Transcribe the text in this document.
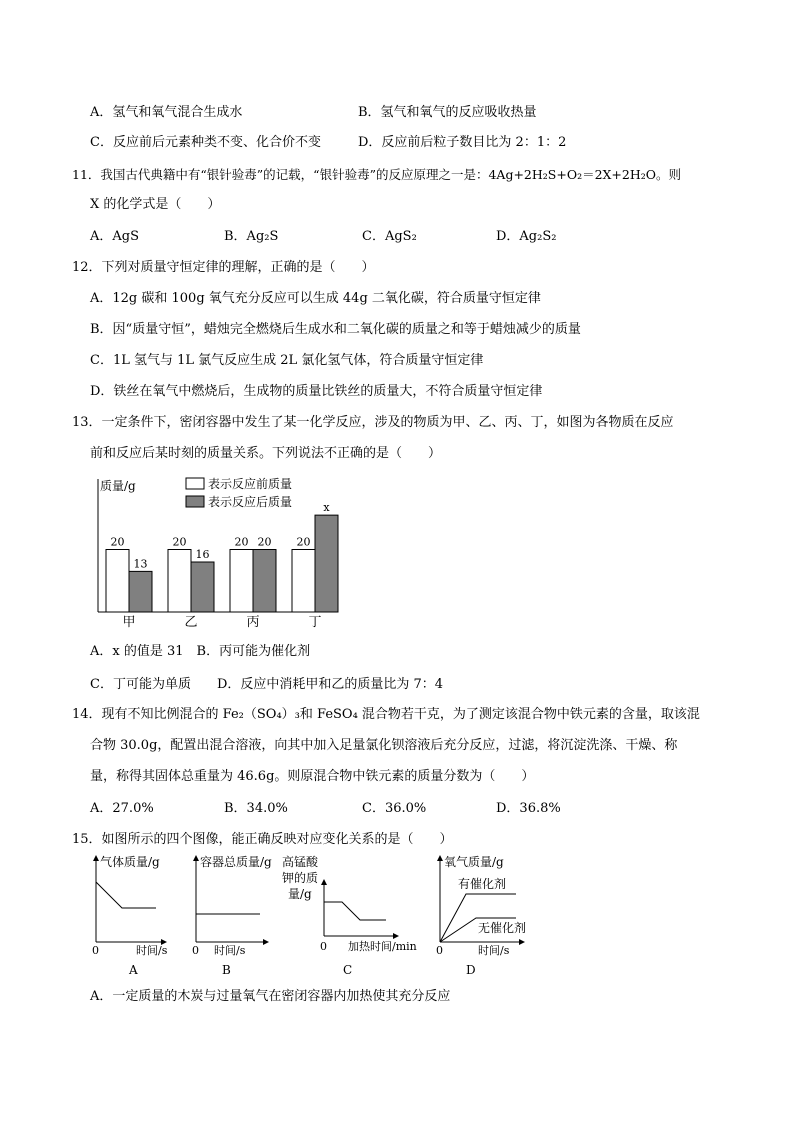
A．氢气和氧气混合生成水	B．氢气和氧气的反应吸收热量
C．反应前后元素种类不变、化合价不变	D．反应前后粒子数目比为 2：1：2
11．我国古代典籍中有“银针验毒”的记载，“银针验毒”的反应原理之一是：4Ag+2H₂S+O₂＝2X+2H₂O。则
X 的化学式是（　　）
A．AgS	B．Ag₂S	C．AgS₂	D．Ag₂S₂
12．下列对质量守恒定律的理解，正确的是（　　）
A．12g 碳和 100g 氧气充分反应可以生成 44g 二氧化碳，符合质量守恒定律
B．因“质量守恒”，蜡烛完全燃烧后生成水和二氧化碳的质量之和等于蜡烛减少的质量
C．1L 氢气与 1L 氯气反应生成 2L 氯化氢气体，符合质量守恒定律
D．铁丝在氧气中燃烧后，生成物的质量比铁丝的质量大，不符合质量守恒定律
13．一定条件下，密闭容器中发生了某一化学反应，涉及的物质为甲、乙、丙、丁，如图为各物质在反应
前和反应后某时刻的质量关系。下列说法不正确的是（　　）
质量/g	表示反应前质量
表示反应后质量
20
13
甲
20
16
乙
20 20
丙
20
x
丁
A．x 的值是 31　B．丙可能为催化剂
C．丁可能为单质　　D．反应中消耗甲和乙的质量比为 7：4
14．现有不知比例混合的 Fe₂（SO₄）₃和 FeSO₄ 混合物若干克，为了测定该混合物中铁元素的含量，取该混
合物 30.0g，配置出混合溶液，向其中加入足量氯化钡溶液后充分反应，过滤，将沉淀洗涤、干燥、称
量，称得其固体总重量为 46.6g。则原混合物中铁元素的质量分数为（　　）
A．27.0%	B．34.0%	C．36.0%	D．36.8%
15．如图所示的四个图像，能正确反映对应变化关系的是（　　）
气体质量/g
时间/s
0
A
容器总质量/g
时间/s
0
B
高锰酸
钾的质
量/g
加热时间/min
0
C
氧气质量/g
有催化剂
无催化剂
时间/s
0
D
A．一定质量的木炭与过量氧气在密闭容器内加热使其充分反应
